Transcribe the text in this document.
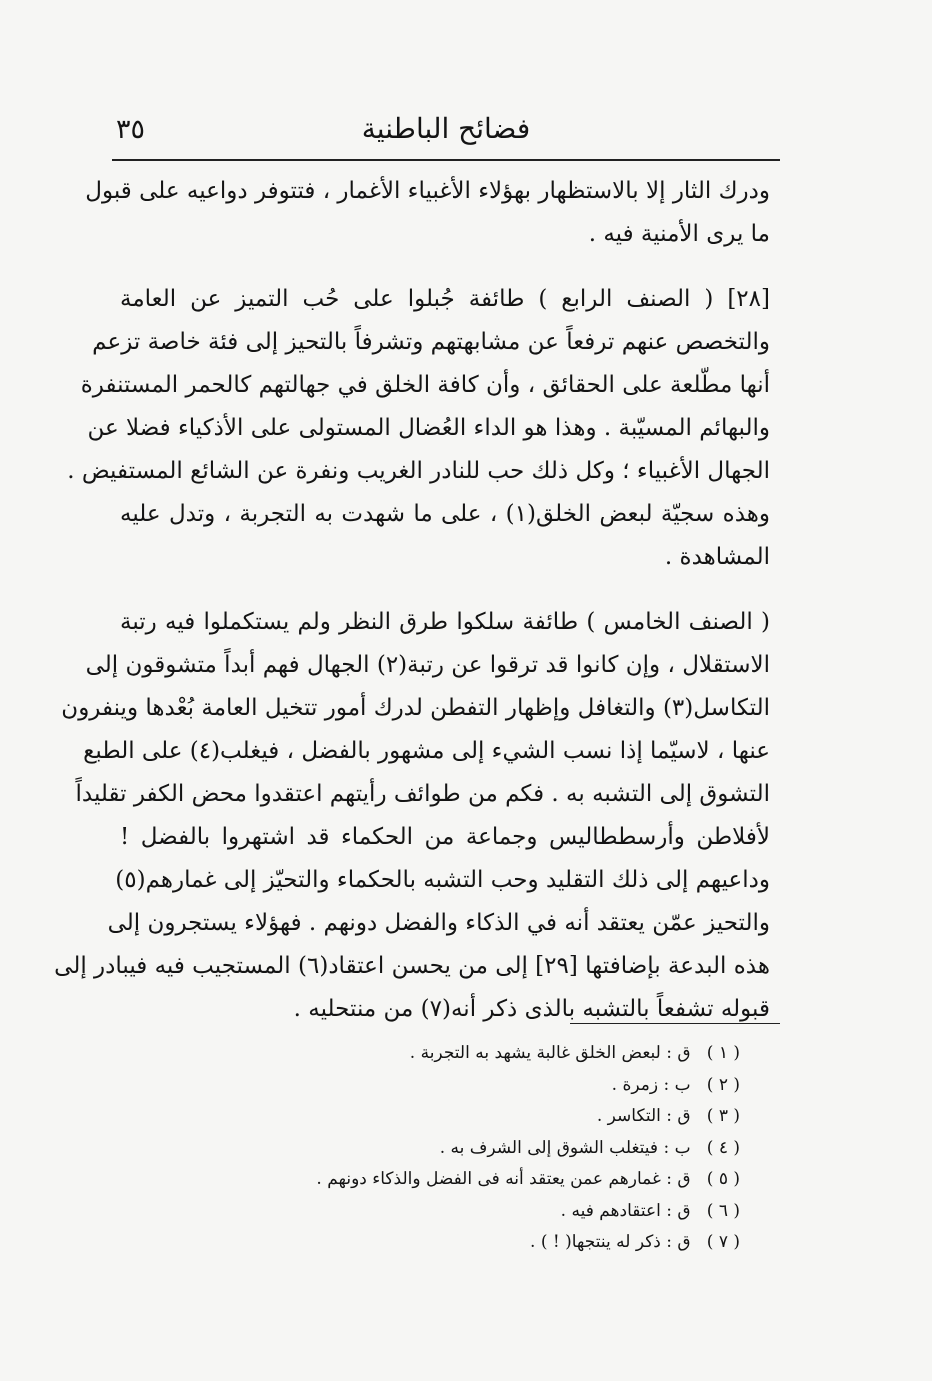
٣٥	فضائح الباطنية

ودرك الثار إلا بالاستظهار بهؤلاء الأغبياء الأغمار ، فتتوفر دواعيه على قبول
ما يرى الأمنية فيه .

[٢٨] ( الصنف الرابع ) طائفة جُبلوا على حُب التميز عن العامة
والتخصص عنهم ترفعاً عن مشابهتهم وتشرفاً بالتحيز إلى فئة خاصة تزعم
أنها مطّلعة على الحقائق ، وأن كافة الخلق في جهالتهم كالحمر المستنفرة
والبهائم المسيّبة . وهذا هو الداء العُضال المستولى على الأذكياء فضلا عن
الجهال الأغبياء ؛ وكل ذلك حب للنادر الغريب ونفرة عن الشائع المستفيض .
وهذه سجيّة لبعض الخلق(١) ، على ما شهدت به التجربة ، وتدل عليه
المشاهدة .

( الصنف الخامس ) طائفة سلكوا طرق النظر ولم يستكملوا فيه رتبة
الاستقلال ، وإن كانوا قد ترقوا عن رتبة(٢) الجهال فهم أبداً متشوقون إلى
التكاسل(٣) والتغافل وإظهار التفطن لدرك أمور تتخيل العامة بُعْدها وينفرون
عنها ، لاسيّما إذا نسب الشيء إلى مشهور بالفضل ، فيغلب(٤) على الطبع
التشوق إلى التشبه به . فكم من طوائف رأيتهم اعتقدوا محض الكفر تقليداً
لأفلاطن وأرسططاليس وجماعة من الحكماء قد اشتهروا بالفضل !
وداعيهم إلى ذلك التقليد وحب التشبه بالحكماء والتحيّز إلى غمارهم(٥)
والتحيز عمّن يعتقد أنه في الذكاء والفضل دونهم . فهؤلاء يستجرون إلى
هذه البدعة بإضافتها [٢٩] إلى من يحسن اعتقاد(٦) المستجيب فيه فيبادر إلى
قبوله تشفعاً بالتشبه بالذى ذكر أنه(٧) من منتحليه .

( ١ ) ق : لبعض الخلق غالبة يشهد به التجربة .
( ٢ ) ب : زمرة .
( ٣ ) ق : التكاسر .
( ٤ ) ب : فيتغلب الشوق إلى الشرف به .
( ٥ ) ق : غمارهم عمن يعتقد أنه فى الفضل والذكاء دونهم .
( ٦ ) ق : اعتقادهم فيه .
( ٧ ) ق : ذكر له ينتجها( ! ) .
